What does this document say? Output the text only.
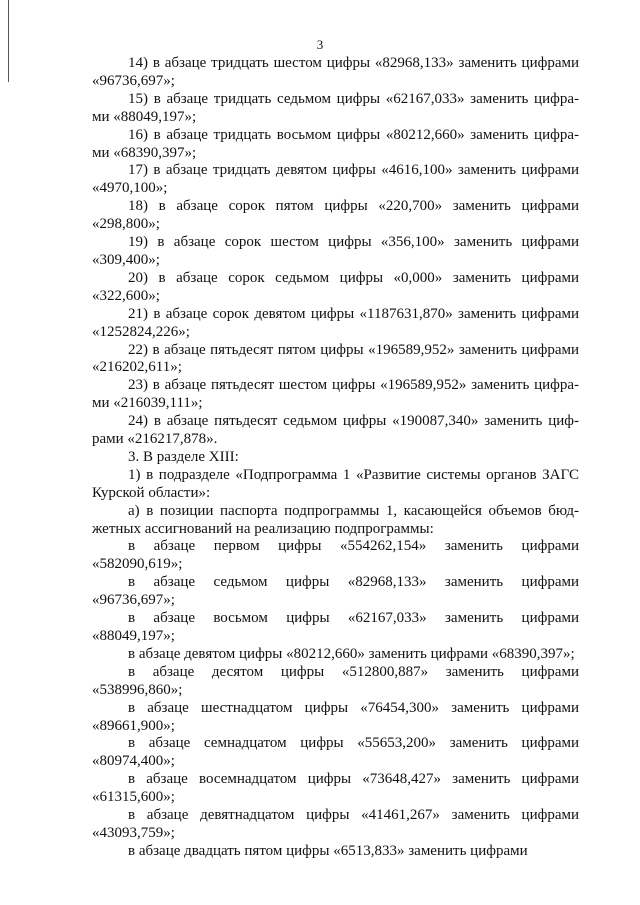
3
14) в абзаце тридцать шестом цифры «82968,133» заменить цифрами
«96736,697»;
15) в абзаце тридцать седьмом цифры «62167,033» заменить цифра-
ми «88049,197»;
16) в абзаце тридцать восьмом цифры «80212,660» заменить цифра-
ми «68390,397»;
17) в абзаце тридцать девятом цифры «4616,100» заменить цифрами
«4970,100»;
18) в абзаце сорок пятом цифры «220,700» заменить цифрами
«298,800»;
19) в абзаце сорок шестом цифры «356,100» заменить цифрами
«309,400»;
20) в абзаце сорок седьмом цифры «0,000» заменить цифрами
«322,600»;
21) в абзаце сорок девятом цифры «1187631,870» заменить цифрами
«1252824,226»;
22) в абзаце пятьдесят пятом цифры «196589,952» заменить цифрами
«216202,611»;
23) в абзаце пятьдесят шестом цифры «196589,952» заменить цифра-
ми «216039,111»;
24) в абзаце пятьдесят седьмом цифры «190087,340» заменить циф-
рами «216217,878».
3. В разделе XIII:
1) в подразделе «Подпрограмма 1 «Развитие системы органов ЗАГС
Курской области»:
а) в позиции паспорта подпрограммы 1, касающейся объемов бюд-
жетных ассигнований на реализацию подпрограммы:
в абзаце первом цифры «554262,154» заменить цифрами
«582090,619»;
в абзаце седьмом цифры «82968,133» заменить цифрами
«96736,697»;
в абзаце восьмом цифры «62167,033» заменить цифрами
«88049,197»;
в абзаце девятом цифры «80212,660» заменить цифрами «68390,397»;
в абзаце десятом цифры «512800,887» заменить цифрами
«538996,860»;
в абзаце шестнадцатом цифры «76454,300» заменить цифрами
«89661,900»;
в абзаце семнадцатом цифры «55653,200» заменить цифрами
«80974,400»;
в абзаце восемнадцатом цифры «73648,427» заменить цифрами
«61315,600»;
в абзаце девятнадцатом цифры «41461,267» заменить цифрами
«43093,759»;
в абзаце двадцать пятом цифры «6513,833» заменить цифрами
